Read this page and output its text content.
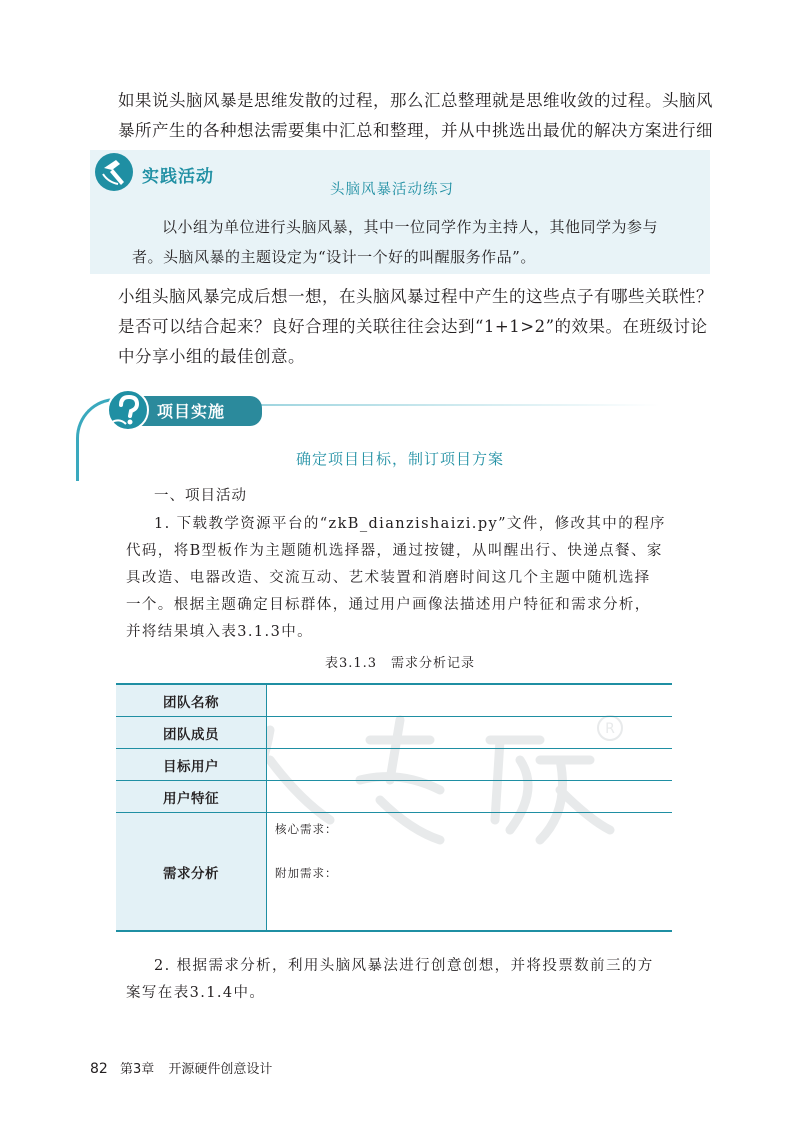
如果说头脑风暴是思维发散的过程，那么汇总整理就是思维收敛的过程。头脑风暴所产生的各种想法需要集中汇总和整理，并从中挑选出最优的解决方案进行细
实践活动
头脑风暴活动练习
以小组为单位进行头脑风暴，其中一位同学作为主持人，其他同学为参与者。头脑风暴的主题设定为“设计一个好的叫醒服务作品”。
小组头脑风暴完成后想一想，在头脑风暴过程中产生的这些点子有哪些关联性？是否可以结合起来？良好合理的关联往往会达到“1+1>2”的效果。在班级讨论中分享小组的最佳创意。
项目实施
确定项目目标，制订项目方案
一、项目活动
1. 下载教学资源平台的“zkB_dianzishaizi.py”文件，修改其中的程序代码，将B型板作为主题随机选择器，通过按键，从叫醒出行、快递点餐、家具改造、电器改造、交流互动、艺术装置和消磨时间这几个主题中随机选择一个。根据主题确定目标群体，通过用户画像法描述用户特征和需求分析，并将结果填入表3.1.3中。
表3.1.3　需求分析记录
R
团队名称
团队成员
目标用户
用户特征
需求分析
核心需求：
附加需求：
2. 根据需求分析，利用头脑风暴法进行创意创想，并将投票数前三的方案写在表3.1.4中。
82 第3章 开源硬件创意设计
